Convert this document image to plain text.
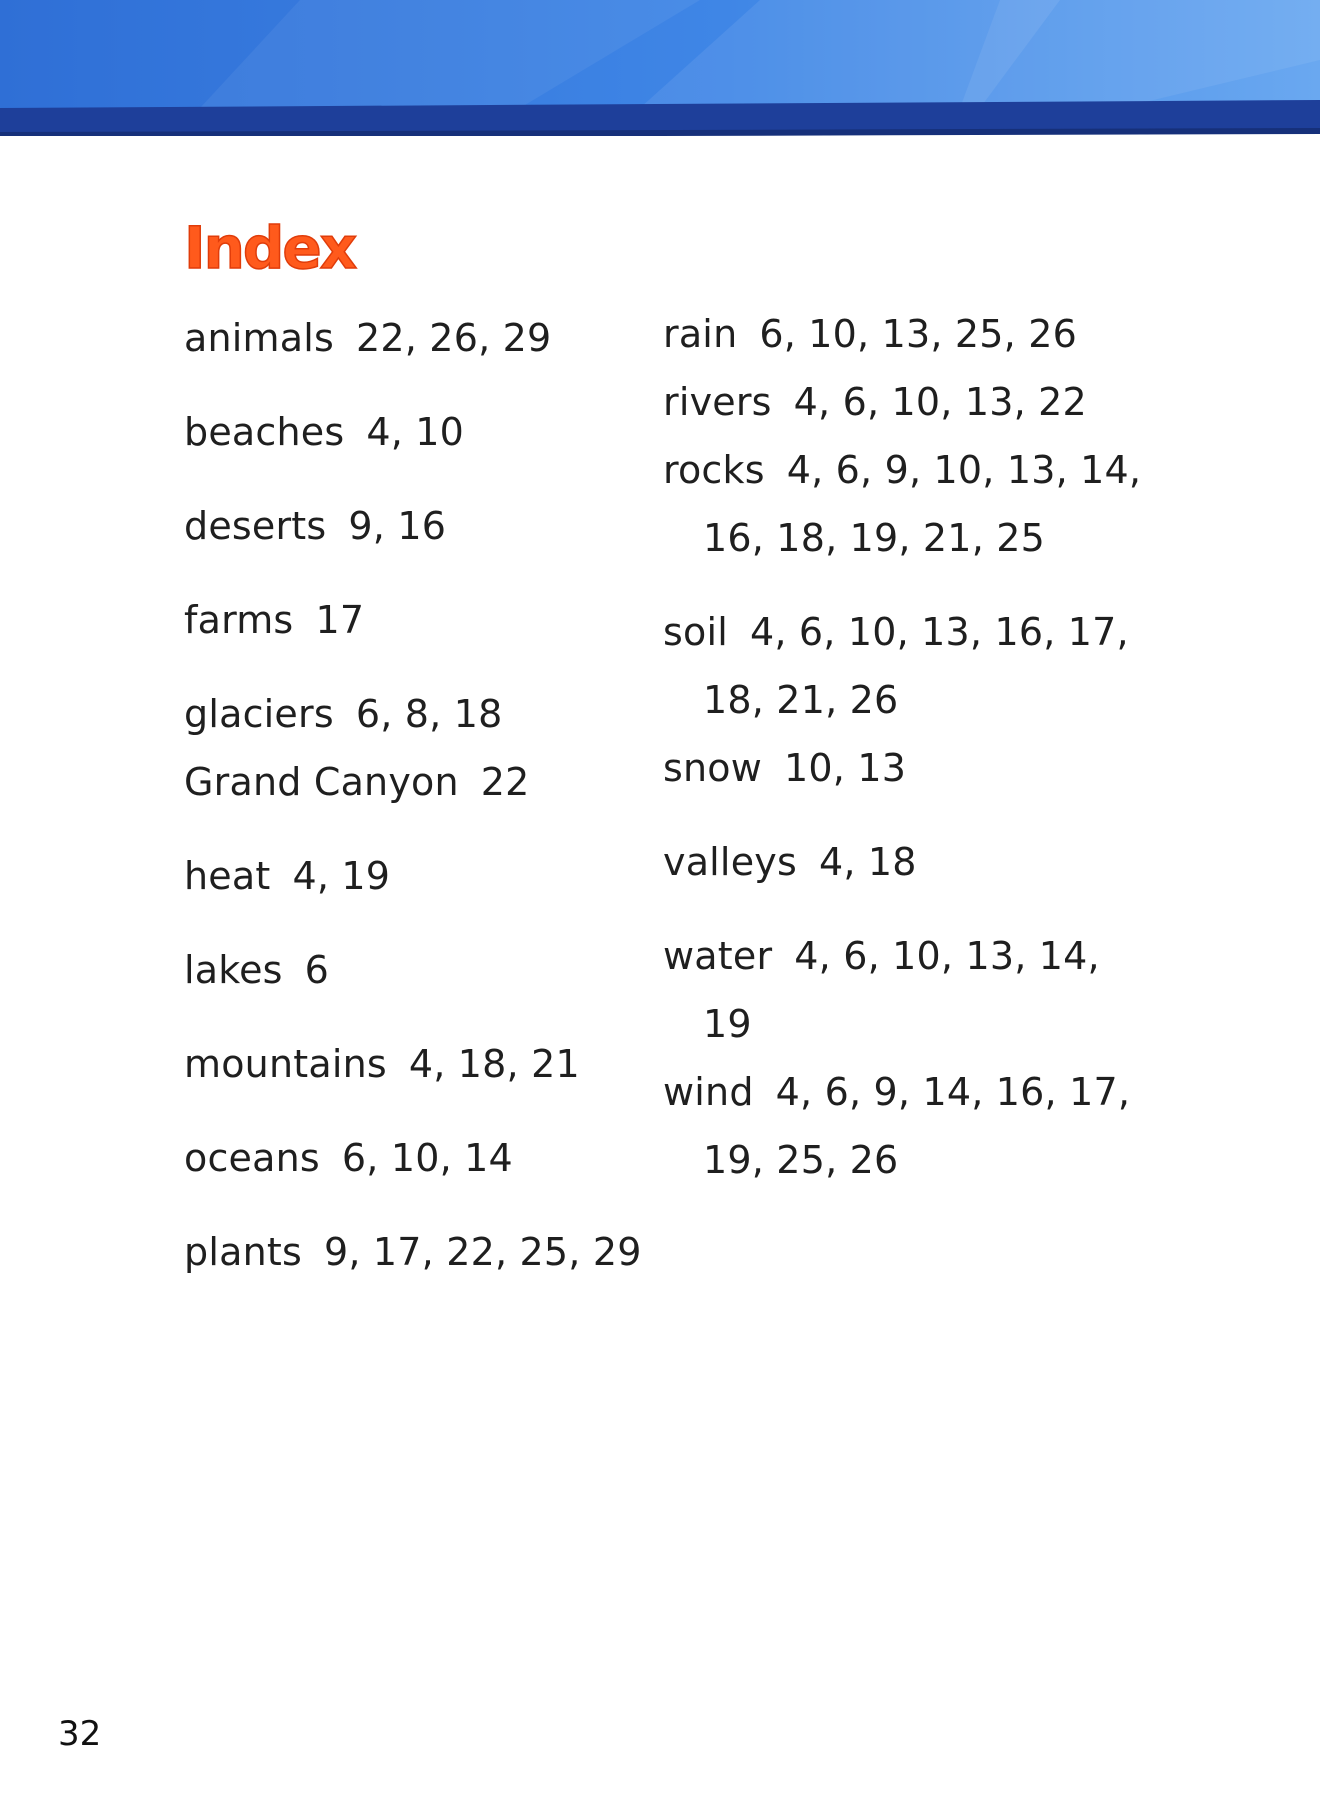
Index
animals 22, 26, 29
beaches 4, 10
deserts 9, 16
farms 17
glaciers 6, 8, 18
Grand Canyon 22
heat 4, 19
lakes 6
mountains 4, 18, 21
oceans 6, 10, 14
plants 9, 17, 22, 25, 29
rain 6, 10, 13, 25, 26
rivers 4, 6, 10, 13, 22
rocks 4, 6, 9, 10, 13, 14,
16, 18, 19, 21, 25
soil 4, 6, 10, 13, 16, 17,
18, 21, 26
snow 10, 13
valleys 4, 18
water 4, 6, 10, 13, 14,
19
wind 4, 6, 9, 14, 16, 17,
19, 25, 26
32
